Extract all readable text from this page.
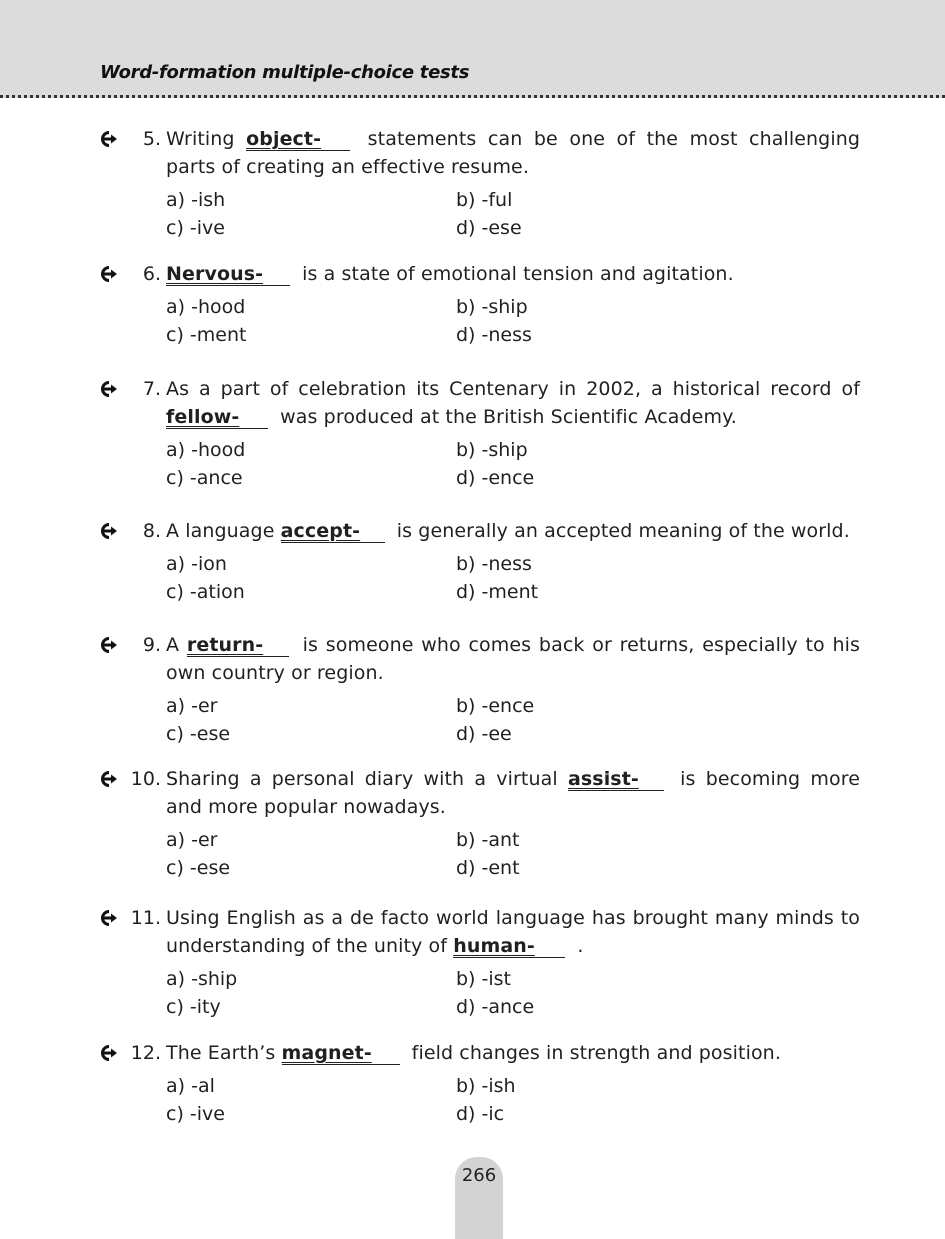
Word-formation multiple-choice tests
5. Writing object- statements can be one of the most challenging parts of creating an effective resume.
a) -ish	b) -ful
c) -ive	d) -ese
6. Nervous- is a state of emotional tension and agitation.
a) -hood	b) -ship
c) -ment	d) -ness
7. As a part of celebration its Centenary in 2002, a historical record of fellow- was produced at the British Scientific Academy.
a) -hood	b) -ship
c) -ance	d) -ence
8. A language accept- is generally an accepted meaning of the world.
a) -ion	b) -ness
c) -ation	d) -ment
9. A return- is someone who comes back or returns, especially to his own country or region.
a) -er	b) -ence
c) -ese	d) -ee
10. Sharing a personal diary with a virtual assist- is becoming more and more popular nowadays.
a) -er	b) -ant
c) -ese	d) -ent
11. Using English as a de facto world language has brought many minds to understanding of the unity of human- .
a) -ship	b) -ist
c) -ity	d) -ance
12. The Earth’s magnet- field changes in strength and position.
a) -al	b) -ish
c) -ive	d) -ic
266
